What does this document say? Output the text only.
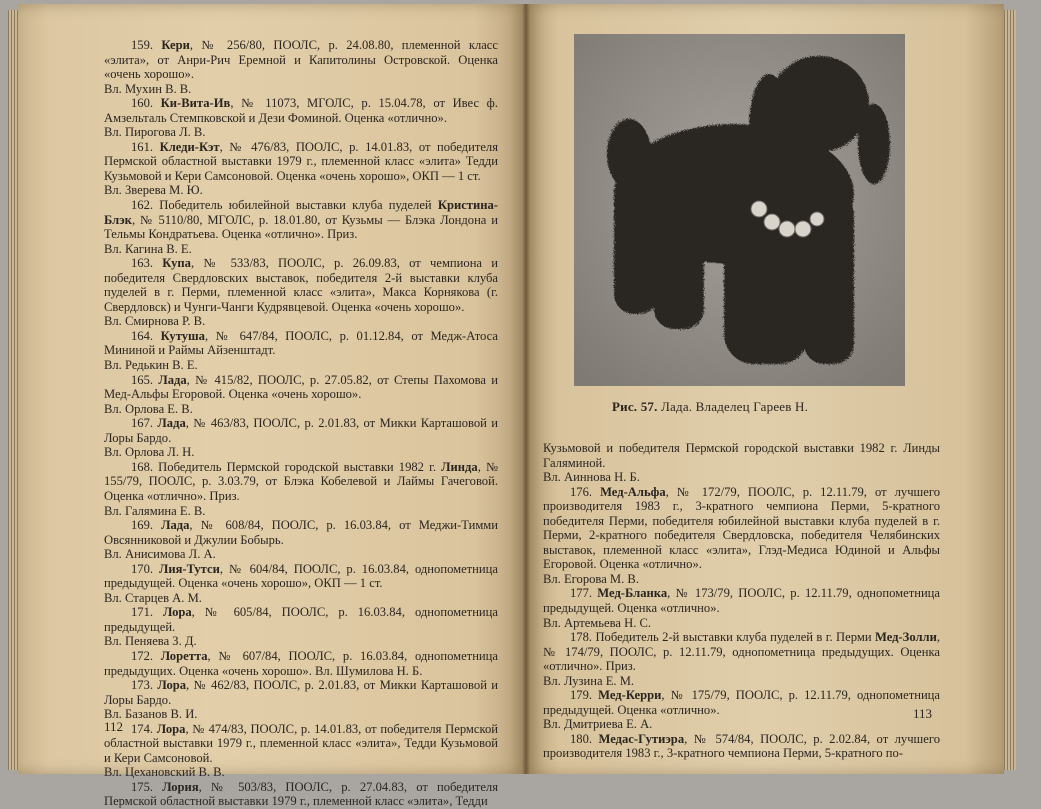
159. Кери, № 256/80, ПООЛС, р. 24.08.80, племенной класс «элита», от Анри-Рич Еремной и Капитолины Островской. Оценка «очень хорошо».

Вл. Мухин В. В.

160. Ки-Вита-Ив, № 11073, МГОЛС, р. 15.04.78, от Ивес ф. Амзельталь Стемпковской и Дези Фоминой. Оценка «отлично».

Вл. Пирогова Л. В.

161. Кледи-Кэт, № 476/83, ПООЛС, р. 14.01.83, от победителя Пермской областной выставки 1979 г., племенной класс «элита» Тедди Кузьмовой и Кери Самсоновой. Оценка «очень хорошо», ОКП — 1 ст.

Вл. Зверева М. Ю.

162. Победитель юбилейной выставки клуба пуделей Кристина-Блэк, № 5110/80, МГОЛС, р. 18.01.80, от Кузьмы — Блэка Лондона и Тельмы Кондратьева. Оценка «отлично». Приз.

Вл. Кагина В. Е.

163. Купа, № 533/83, ПООЛС, р. 26.09.83, от чемпиона и победителя Свердловских выставок, победителя 2-й выставки клуба пуделей в г. Перми, племенной класс «элита», Макса Корнякова (г. Свердловск) и Чунги-Чанги Кудрявцевой. Оценка «очень хорошо».

Вл. Смирнова Р. В.

164. Кутуша, № 647/84, ПООЛС, р. 01.12.84, от Медж-Атоса Мининой и Раймы Айзенштадт.

Вл. Редькин В. Е.

165. Лада, № 415/82, ПООЛС, р. 27.05.82, от Степы Пахомова и Мед-Альфы Егоровой. Оценка «очень хорошо».

Вл. Орлова Е. В.

167. Лада, № 463/83, ПООЛС, р. 2.01.83, от Микки Карташовой и Лоры Бардо.

Вл. Орлова Л. Н.

168. Победитель Пермской городской выставки 1982 г. Линда, № 155/79, ПООЛС, р. 3.03.79, от Блэка Кобелевой и Лаймы Гачеговой. Оценка «отлично». Приз.

Вл. Галямина Е. В.

169. Лада, № 608/84, ПООЛС, р. 16.03.84, от Меджи-Тимми Овсянниковой и Джулии Бобырь.

Вл. Анисимова Л. А.

170. Лия-Тутси, № 604/84, ПООЛС, р. 16.03.84, однопометница предыдущей. Оценка «очень хорошо», ОКП — 1 ст.

Вл. Старцев А. М.

171. Лора, № 605/84, ПООЛС, р. 16.03.84, однопометница предыдущей.

Вл. Пеняева З. Д.

172. Лоретта, № 607/84, ПООЛС, р. 16.03.84, однопометница предыдущих. Оценка «очень хорошо». Вл. Шумилова Н. Б.

173. Лора, № 462/83, ПООЛС, р. 2.01.83, от Микки Карташовой и Лоры Бардо.

Вл. Базанов В. И.

174. Лора, № 474/83, ПООЛС, р. 14.01.83, от победителя Пермской областной выставки 1979 г., племенной класс «элита», Тедди Кузьмовой и Кери Самсоновой.

Вл. Цехановский В. В.

175. Лория, № 503/83, ПООЛС, р. 27.04.83, от победителя Пермской областной выставки 1979 г., племенной класс «элита», Тедди

112
Рис. 57. Лада. Владелец Гареев Н.

Кузьмовой и победителя Пермской городской выставки 1982 г. Линды Галяминой.

Вл. Аиннова Н. Б.

176. Мед-Альфа, № 172/79, ПООЛС, р. 12.11.79, от лучшего производителя 1983 г., 3-кратного чемпиона Перми, 5-кратного победителя Перми, победителя юбилейной выставки клуба пуделей в г. Перми, 2-кратного победителя Свердловска, победителя Челябинских выставок, племенной класс «элита», Глэд-Медиса Юдиной и Альфы Егоровой. Оценка «отлично».

Вл. Егорова М. В.

177. Мед-Бланка, № 173/79, ПООЛС, р. 12.11.79, однопометница предыдущей. Оценка «отлично».

Вл. Артемьева Н. С.

178. Победитель 2-й выставки клуба пуделей в г. Перми Мед-Золли, № 174/79, ПООЛС, р. 12.11.79, однопометница предыдущих. Оценка «отлично». Приз.

Вл. Лузина Е. М.

179. Мед-Керри, № 175/79, ПООЛС, р. 12.11.79, однопометница предыдущей. Оценка «отлично».

Вл. Дмитриева Е. А.

180. Медас-Гутиэра, № 574/84, ПООЛС, р. 2.02.84, от лучшего производителя 1983 г., 3-кратного чемпиона Перми, 5-кратного по-

113
